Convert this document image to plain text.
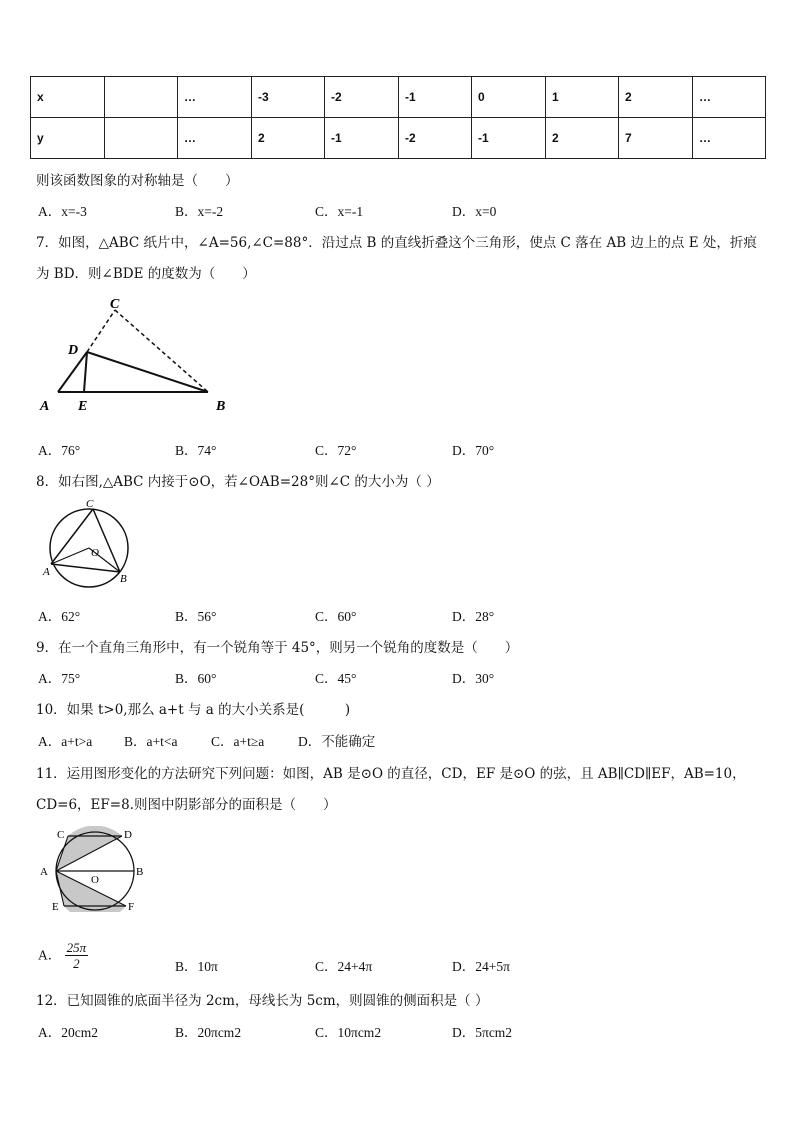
x		…	-3	-2	-1	0	1	2	…
y		…	2	-1	-2	-1	2	7	…
则该函数图象的对称轴是（　　）
A．x=-3	B．x=-2	C．x=-1	D．x=0
7．如图，△ABC 纸片中，∠A=56,∠C=88°．沿过点 B 的直线折叠这个三角形，使点 C 落在 AB 边上的点 E 处，折痕
为 BD．则∠BDE 的度数为（　　）
C
D
A E	B
A．76°	B．74°	C．72°	D．70°
8．如右图,△ABC 内接于⊙O，若∠OAB=28°则∠C 的大小为（ ）
C
O
A
B
A．62°	B．56°	C．60°	D．28°
9．在一个直角三角形中，有一个锐角等于 45°，则另一个锐角的度数是（　　）
A．75°	B．60°	C．45°	D．30°
10．如果 t>0,那么 a+t 与 a 的大小关系是(　　　)
A．a+t>a B．a+t<a C．a+t≥a D．不能确定
11．运用图形变化的方法研究下列问题：如图，AB 是⊙O 的直径，CD，EF 是⊙O 的弦，且 AB∥CD∥EF，AB=10，
CD=6，EF=8.则图中阴影部分的面积是（　　）
C	D
A
O
B
E	F
A． $\frac{25\pi}{2}$	B．10π	C．24+4π	D．24+5π
12．已知圆锥的底面半径为 2cm，母线长为 5cm，则圆锥的侧面积是（ ）
A．20cm2	B．20πcm2	C．10πcm2	D．5πcm2
